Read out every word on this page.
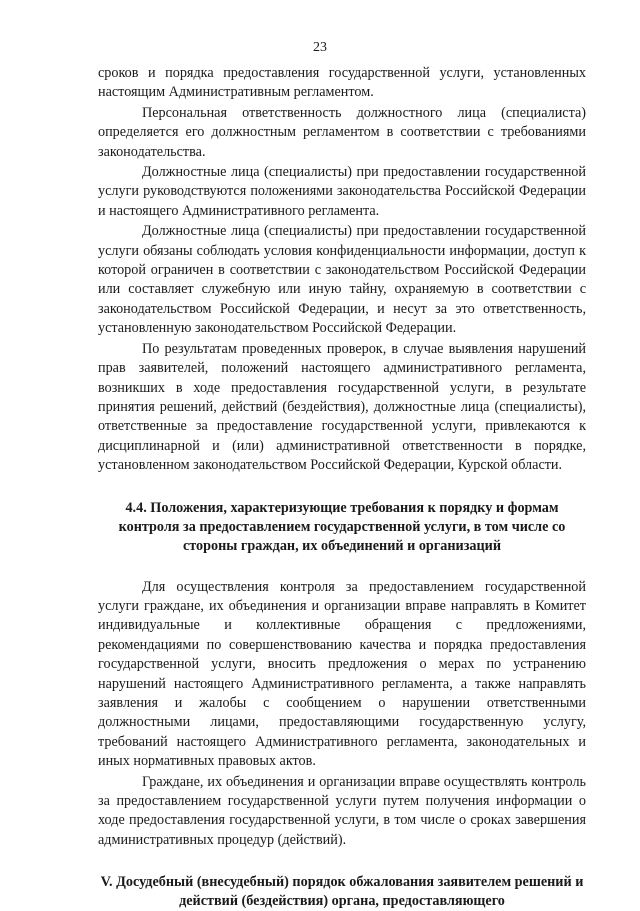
23

сроков и порядка предоставления государственной услуги, установленных настоящим Административным регламентом.

Персональная ответственность должностного лица (специалиста) определяется его должностным регламентом в соответствии с требованиями законодательства.

Должностные лица (специалисты) при предоставлении государственной услуги руководствуются положениями законодательства Российской Федерации и настоящего Административного регламента.

Должностные лица (специалисты) при предоставлении государственной услуги обязаны соблюдать условия конфиденциальности информации, доступ к которой ограничен в соответствии с законодательством Российской Федерации или составляет служебную или иную тайну, охраняемую в соответствии с законодательством Российской Федерации, и несут за это ответственность, установленную законодательством Российской Федерации.

По результатам проведенных проверок, в случае выявления нарушений прав заявителей, положений настоящего административного регламента, возникших в ходе предоставления государственной услуги, в результате принятия решений, действий (бездействия), должностные лица (специалисты), ответственные за предоставление государственной услуги, привлекаются к дисциплинарной и (или) административной ответственности в порядке, установленном законодательством Российской Федерации, Курской области.

4.4. Положения, характеризующие требования к порядку и формам контроля за предоставлением государственной услуги, в том числе со стороны граждан, их объединений и организаций

Для осуществления контроля за предоставлением государственной услуги граждане, их объединения и организации вправе направлять в Комитет индивидуальные и коллективные обращения с предложениями, рекомендациями по совершенствованию качества и порядка предоставления государственной услуги, вносить предложения о мерах по устранению нарушений настоящего Административного регламента, а также направлять заявления и жалобы с сообщением о нарушении ответственными должностными лицами, предоставляющими государственную услугу, требований настоящего Административного регламента, законодательных и иных нормативных правовых актов.

Граждане, их объединения и организации вправе осуществлять контроль за предоставлением государственной услуги путем получения информации о ходе предоставления государственной услуги, в том числе о сроках завершения административных процедур (действий).

V. Досудебный (внесудебный) порядок обжалования заявителем решений и действий (бездействия) органа, предоставляющего
